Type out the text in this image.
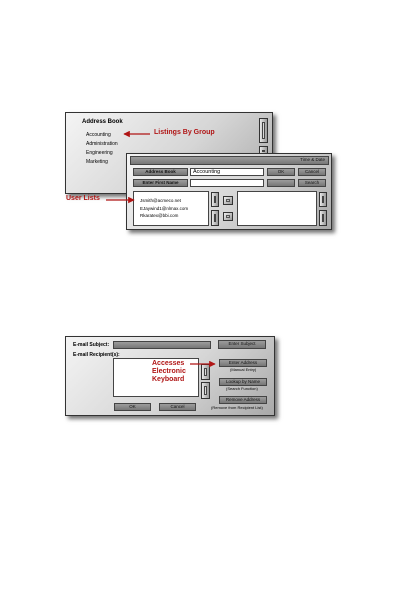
Address Book
Accounting
Administration
Engineering
Marketing	Time & Date
Address Book	Accounting	OK	Cancel
Enter First Name	Search
Jsmith@acmeco.net
EJaywind1@nlmax.com
Rkaratex@bbi.com
E-mail Subject:	Enter Subject
E-mail Recipient(s):
Enter Address
(Manual Entry)
Lookup by Name
(Search Function)
Remove Address
(Remove from Recipient List)
OK	Cancel
Listings By Group
User Lists
Accesses
Electronic
Keyboard
